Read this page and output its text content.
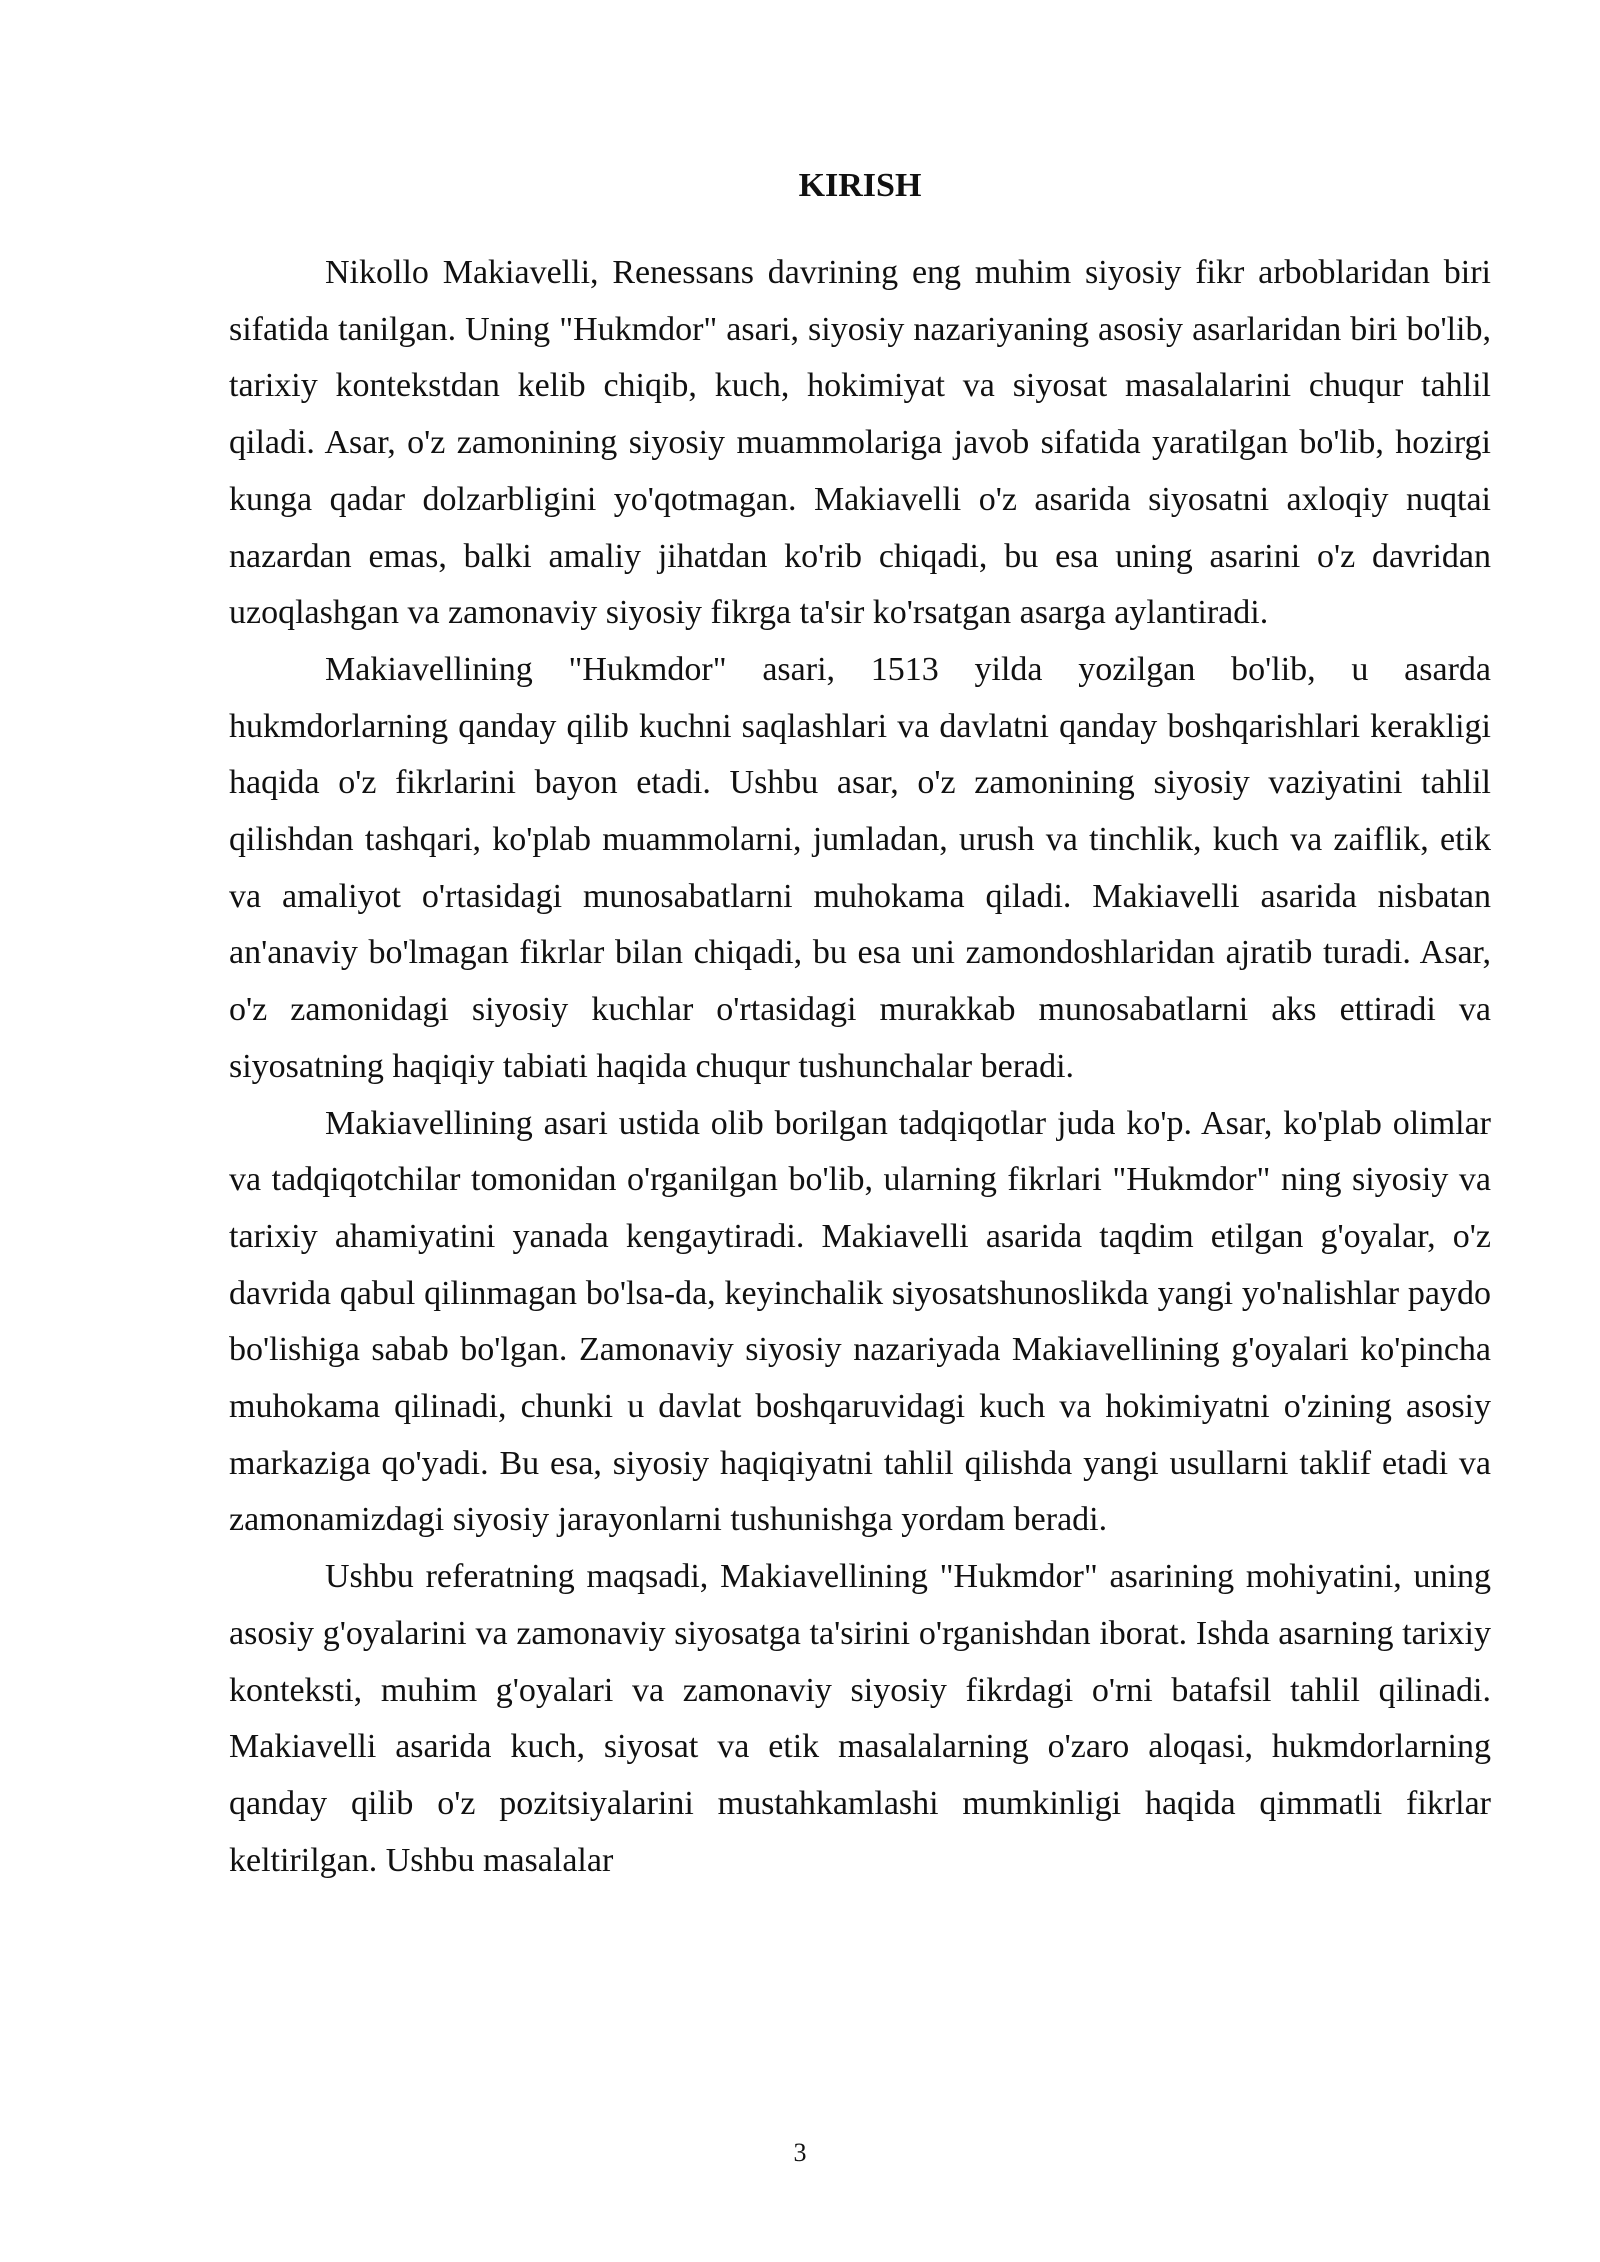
KIRISH

Nikollo Makiavelli, Renessans davrining eng muhim siyosiy fikr arboblaridan biri sifatida tanilgan. Uning "Hukmdor" asari, siyosiy nazariyaning asosiy asarlaridan biri bo'lib, tarixiy kontekstdan kelib chiqib, kuch, hokimiyat va siyosat masalalarini chuqur tahlil qiladi. Asar, o'z zamonining siyosiy muammolariga javob sifatida yaratilgan bo'lib, hozirgi kunga qadar dolzarbligini yo'qotmagan. Makiavelli o'z asarida siyosatni axloqiy nuqtai nazardan emas, balki amaliy jihatdan ko'rib chiqadi, bu esa uning asarini o'z davridan uzoqlashgan va zamonaviy siyosiy fikrga ta'sir ko'rsatgan asarga aylantiradi.

Makiavellining "Hukmdor" asari, 1513 yilda yozilgan bo'lib, u asarda hukmdorlarning qanday qilib kuchni saqlashlari va davlatni qanday boshqarishlari kerakligi haqida o'z fikrlarini bayon etadi. Ushbu asar, o'z zamonining siyosiy vaziyatini tahlil qilishdan tashqari, ko'plab muammolarni, jumladan, urush va tinchlik, kuch va zaiflik, etik va amaliyot o'rtasidagi munosabatlarni muhokama qiladi. Makiavelli asarida nisbatan an'anaviy bo'lmagan fikrlar bilan chiqadi, bu esa uni zamondoshlaridan ajratib turadi. Asar, o'z zamonidagi siyosiy kuchlar o'rtasidagi murakkab munosabatlarni aks ettiradi va siyosatning haqiqiy tabiati haqida chuqur tushunchalar beradi.

Makiavellining asari ustida olib borilgan tadqiqotlar juda ko'p. Asar, ko'plab olimlar va tadqiqotchilar tomonidan o'rganilgan bo'lib, ularning fikrlari "Hukmdor" ning siyosiy va tarixiy ahamiyatini yanada kengaytiradi. Makiavelli asarida taqdim etilgan g'oyalar, o'z davrida qabul qilinmagan bo'lsa-da, keyinchalik siyosatshunoslikda yangi yo'nalishlar paydo bo'lishiga sabab bo'lgan. Zamonaviy siyosiy nazariyada Makiavellining g'oyalari ko'pincha muhokama qilinadi, chunki u davlat boshqaruvidagi kuch va hokimiyatni o'zining asosiy markaziga qo'yadi. Bu esa, siyosiy haqiqiyatni tahlil qilishda yangi usullarni taklif etadi va zamonamizdagi siyosiy jarayonlarni tushunishga yordam beradi.

Ushbu referatning maqsadi, Makiavellining "Hukmdor" asarining mohiyatini, uning asosiy g'oyalarini va zamonaviy siyosatga ta'sirini o'rganishdan iborat. Ishda asarning tarixiy konteksti, muhim g'oyalari va zamonaviy siyosiy fikrdagi o'rni batafsil tahlil qilinadi. Makiavelli asarida kuch, siyosat va etik masalalarning o'zaro aloqasi, hukmdorlarning qanday qilib o'z pozitsiyalarini mustahkamlashi mumkinligi haqida qimmatli fikrlar keltirilgan. Ushbu masalalar

3
